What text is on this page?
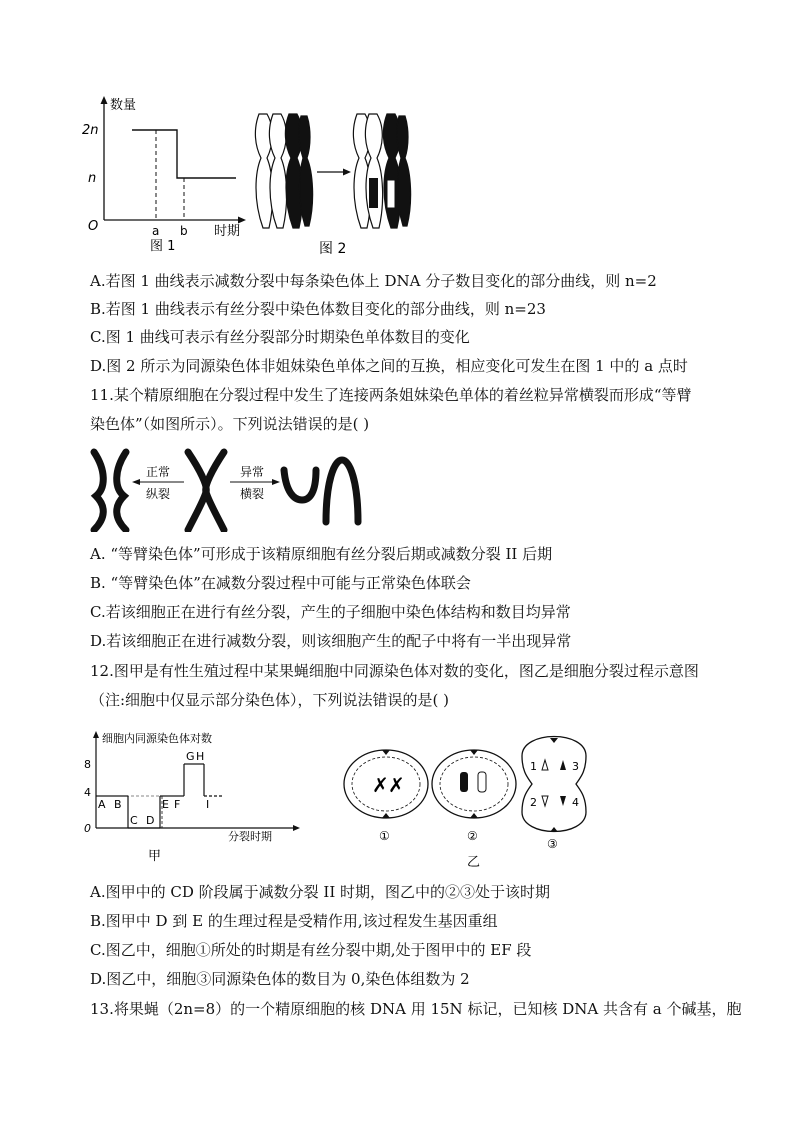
数量
2n
n
O	a b 时期
图 1	图 2
A.若图 1 曲线表示减数分裂中每条染色体上 DNA 分子数目变化的部分曲线，则 n=2
B.若图 1 曲线表示有丝分裂中染色体数目变化的部分曲线，则 n=23
C.图 1 曲线可表示有丝分裂部分时期染色单体数目的变化
D.图 2 所示为同源染色体非姐妹染色单体之间的互换，相应变化可发生在图 1 中的 a 点时
11.某个精原细胞在分裂过程中发生了连接两条姐妹染色单体的着丝粒异常横裂而形成“等臂
染色体”（如图所示）。下列说法错误的是( )
正常
纵裂
异常
横裂
A. “等臂染色体”可形成于该精原细胞有丝分裂后期或减数分裂 II 后期
B. “等臂染色体”在减数分裂过程中可能与正常染色体联会
C.若该细胞正在进行有丝分裂，产生的子细胞中染色体结构和数目均异常
D.若该细胞正在进行减数分裂，则该细胞产生的配子中将有一半出现异常
12.图甲是有性生殖过程中某果蝇细胞中同源染色体对数的变化，图乙是细胞分裂过程示意图
（注:细胞中仅显示部分染色体），下列说法错误的是( )
细胞内同源染色体对数
分裂时期
8
4
0
A B
C D
E F
G H
I
甲
✗ ✗
①	②
1	3
2	4
③
乙
A.图甲中的 CD 阶段属于减数分裂 II 时期，图乙中的②③处于该时期
B.图甲中 D 到 E 的生理过程是受精作用,该过程发生基因重组
C.图乙中，细胞①所处的时期是有丝分裂中期,处于图甲中的 EF 段
D.图乙中，细胞③同源染色体的数目为 0,染色体组数为 2
13.将果蝇（2n=8）的一个精原细胞的核 DNA 用 15N 标记，已知核 DNA 共含有 a 个碱基，胞
